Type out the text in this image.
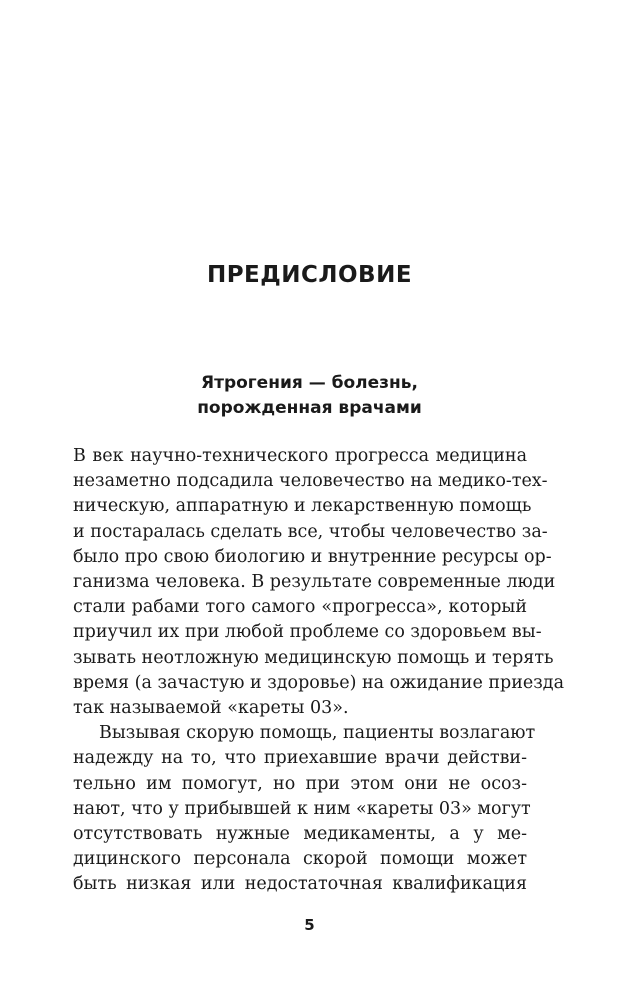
ПРЕДИСЛОВИЕ
Ятрогения — болезнь,
порожденная врачами
В век научно-технического прогресса медицина
незаметно подсадила человечество на медико-тех-
ническую, аппаратную и лекарственную помощь
и постаралась сделать все, чтобы человечество за-
было про свою биологию и внутренние ресурсы ор-
ганизма человека. В результате современные люди
стали рабами того самого «прогресса», который
приучил их при любой проблеме со здоровьем вы-
зывать неотложную медицинскую помощь и терять
время (а зачастую и здоровье) на ожидание приезда
так называемой «кареты 03».
Вызывая скорую помощь, пациенты возлагают
надежду на то, что приехавшие врачи действи-
тельно им помогут, но при этом они не осоз-
нают, что у прибывшей к ним «кареты 03» могут
отсутствовать нужные медикаменты, а у ме-
дицинского персонала скорой помощи может
быть низкая или недостаточная квалификация
5
